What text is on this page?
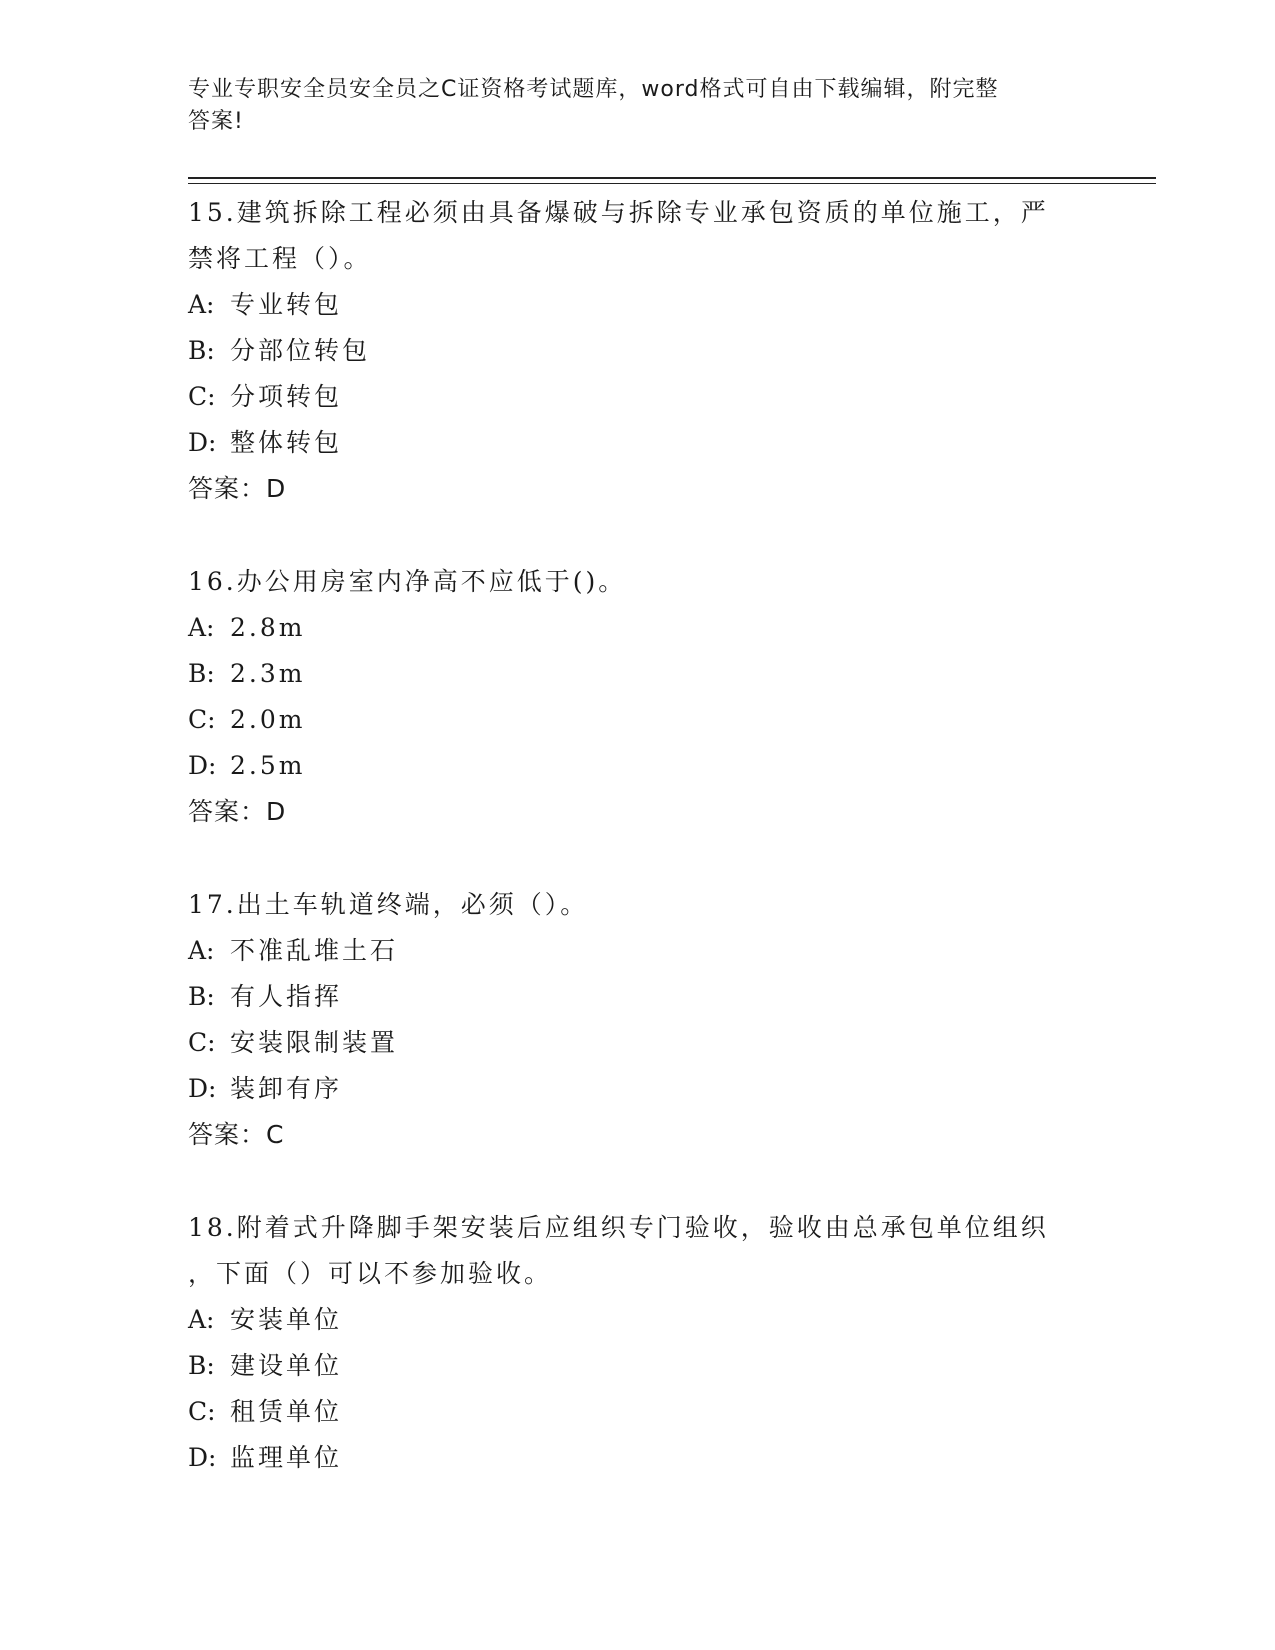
专业专职安全员安全员之C证资格考试题库，word格式可自由下载编辑，附完整
答案!
15.建筑拆除工程必须由具备爆破与拆除专业承包资质的单位施工，严
禁将工程（）。
A: 专业转包
B: 分部位转包
C: 分项转包
D: 整体转包
答案：D
16.办公用房室内净高不应低于()。
A: 2.8m
B: 2.3m
C: 2.0m
D: 2.5m
答案：D
17.出土车轨道终端，必须（）。
A: 不准乱堆土石
B: 有人指挥
C: 安装限制装置
D: 装卸有序
答案：C
18.附着式升降脚手架安装后应组织专门验收，验收由总承包单位组织
，下面（）可以不参加验收。
A: 安装单位
B: 建设单位
C: 租赁单位
D: 监理单位
